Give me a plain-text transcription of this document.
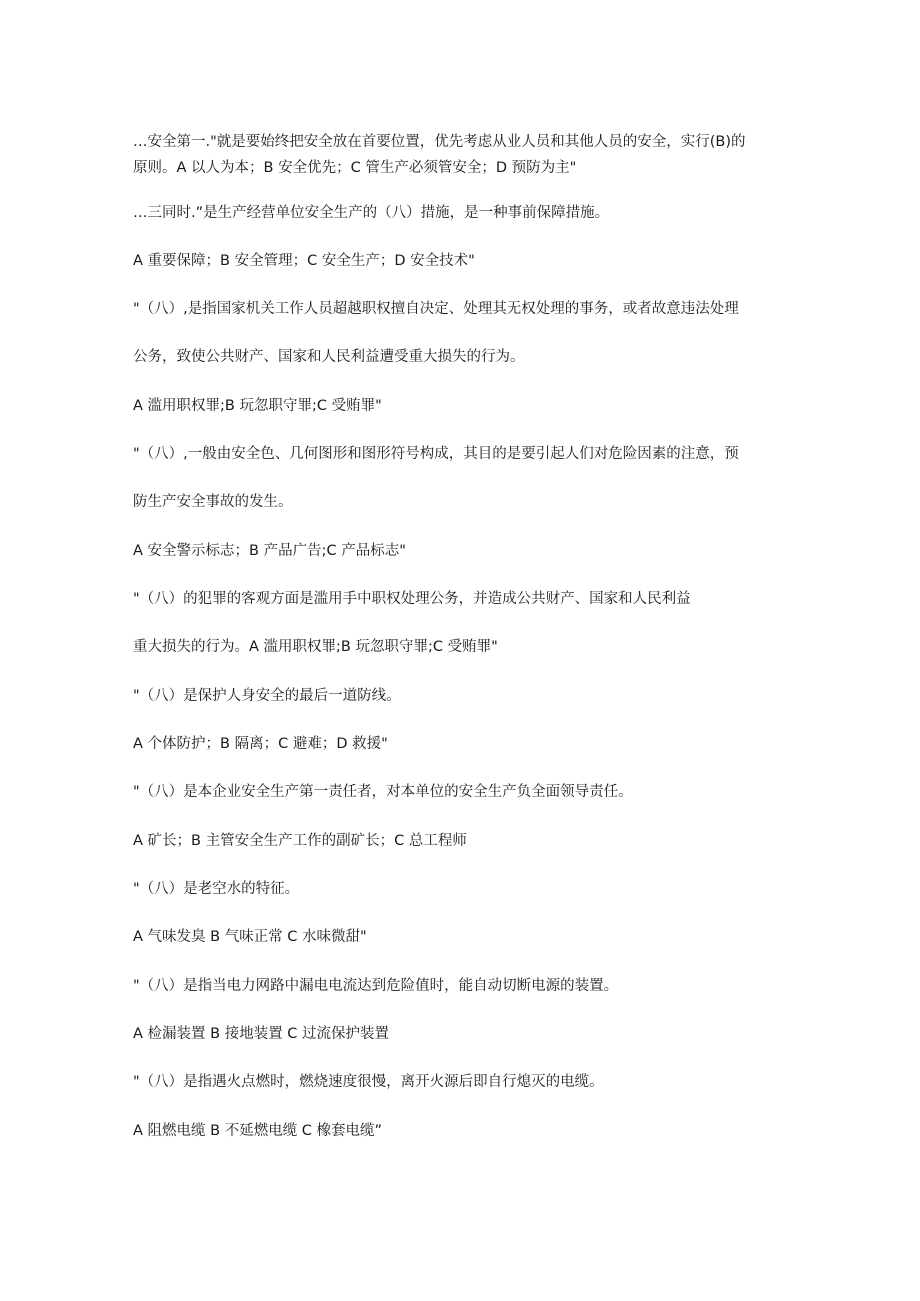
…安全第一."就是要始终把安全放在首要位置，优先考虑从业人员和其他人员的安全，实行(B)的
原则。A 以人为本；B 安全优先；C 管生产必须管安全；D 预防为主"
…三同时.”是生产经营单位安全生产的（八）措施，是一种事前保障措施。
A 重要保障；B 安全管理；C 安全生产；D 安全技术"
"（八）,是指国家机关工作人员超越职权擅自决定、处理其无权处理的事务，或者故意违法处理
公务，致使公共财产、国家和人民利益遭受重大损失的行为。
A 滥用职权罪;B 玩忽职守罪;C 受贿罪"
"（八）,一般由安全色、几何图形和图形符号构成，其目的是要引起人们对危险因素的注意，预
防生产安全事故的发生。
A 安全警示标志；B 产品广告;C 产品标志"
"（八）的犯罪的客观方面是滥用手中职权处理公务，并造成公共财产、国家和人民利益
重大损失的行为。A 滥用职权罪;B 玩忽职守罪;C 受贿罪"
"（八）是保护人身安全的最后一道防线。
A 个体防护；B 隔离；C 避难；D 救援"
"（八）是本企业安全生产第一责任者，对本单位的安全生产负全面领导责任。
A 矿长；B 主管安全生产工作的副矿长；C 总工程师
"（八）是老空水的特征。
A 气味发臭 B 气味正常 C 水味微甜"
"（八）是指当电力网路中漏电电流达到危险值时，能自动切断电源的装置。
A 检漏装置 B 接地装置 C 过流保护装置
"（八）是指遇火点燃时，燃烧速度很慢，离开火源后即自行熄灭的电缆。
A 阻燃电缆 B 不延燃电缆 C 橡套电缆”
